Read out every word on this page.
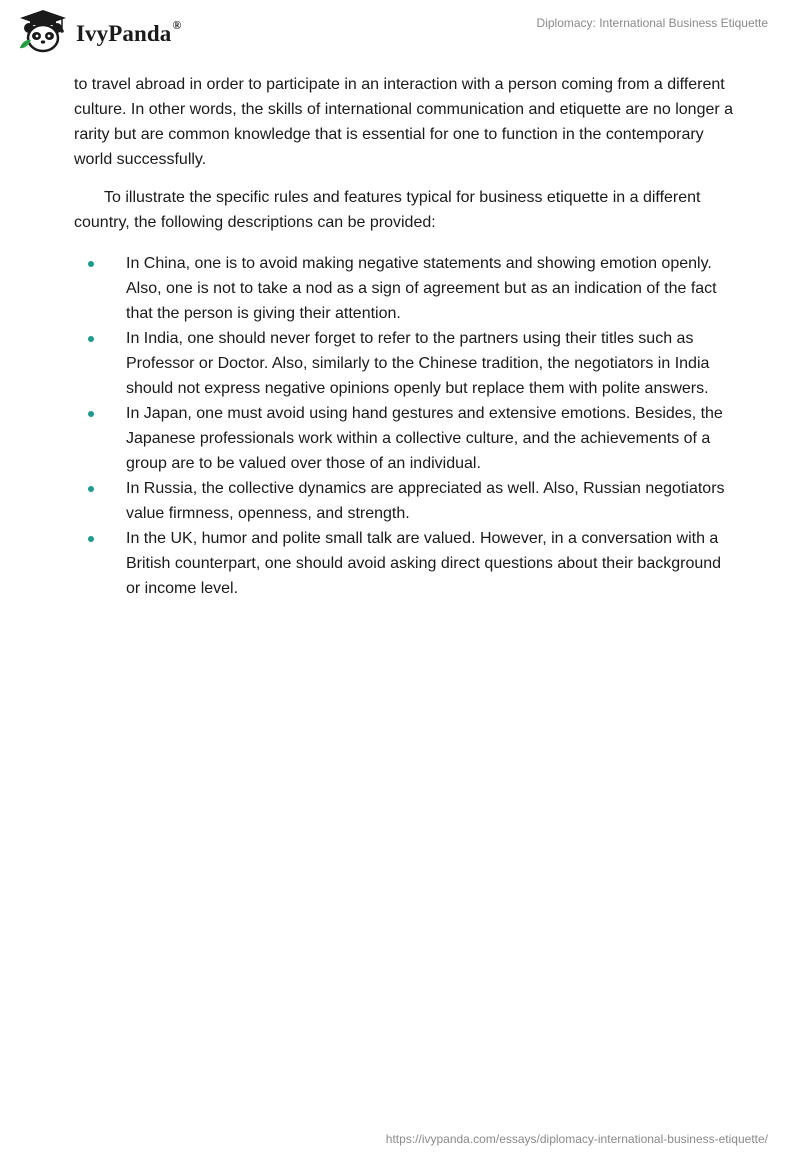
IvyPanda®	Diplomacy: International Business Etiquette

to travel abroad in order to participate in an interaction with a person coming from a different culture. In other words, the skills of international communication and etiquette are no longer a rarity but are common knowledge that is essential for one to function in the contemporary world successfully.

To illustrate the specific rules and features typical for business etiquette in a different country, the following descriptions can be provided:

In China, one is to avoid making negative statements and showing emotion openly. Also, one is not to take a nod as a sign of agreement but as an indication of the fact that the person is giving their attention.
In India, one should never forget to refer to the partners using their titles such as Professor or Doctor. Also, similarly to the Chinese tradition, the negotiators in India should not express negative opinions openly but replace them with polite answers.
In Japan, one must avoid using hand gestures and extensive emotions. Besides, the Japanese professionals work within a collective culture, and the achievements of a group are to be valued over those of an individual.
In Russia, the collective dynamics are appreciated as well. Also, Russian negotiators value firmness, openness, and strength.
In the UK, humor and polite small talk are valued. However, in a conversation with a British counterpart, one should avoid asking direct questions about their background or income level.
https://ivypanda.com/essays/diplomacy-international-business-etiquette/
